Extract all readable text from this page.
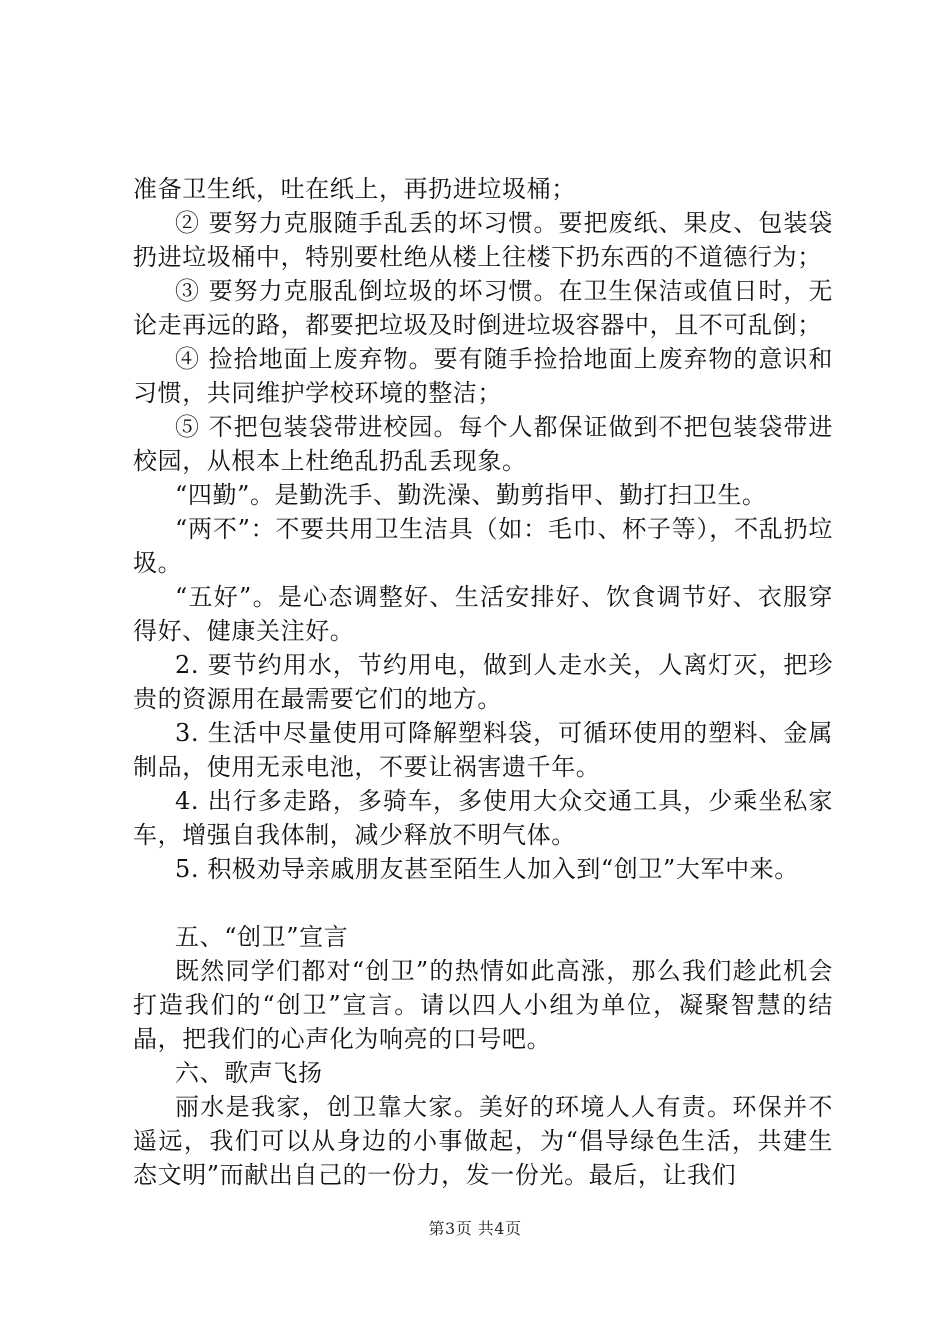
准备卫生纸，吐在纸上，再扔进垃圾桶；

② 要努力克服随手乱丢的坏习惯。要把废纸、果皮、包装袋扔进垃圾桶中，特别要杜绝从楼上往楼下扔东西的不道德行为；

③ 要努力克服乱倒垃圾的坏习惯。在卫生保洁或值日时，无论走再远的路，都要把垃圾及时倒进垃圾容器中，且不可乱倒；

④ 捡拾地面上废弃物。要有随手捡拾地面上废弃物的意识和习惯，共同维护学校环境的整洁；

⑤ 不把包装袋带进校园。每个人都保证做到不把包装袋带进校园，从根本上杜绝乱扔乱丢现象。

“四勤”。是勤洗手、勤洗澡、勤剪指甲、勤打扫卫生。

“两不”：不要共用卫生洁具（如：毛巾、杯子等），不乱扔垃圾。

“五好”。是心态调整好、生活安排好、饮食调节好、衣服穿得好、健康关注好。

2. 要节约用水，节约用电，做到人走水关，人离灯灭，把珍贵的资源用在最需要它们的地方。

3. 生活中尽量使用可降解塑料袋，可循环使用的塑料、金属制品，使用无汞电池，不要让祸害遗千年。

4. 出行多走路，多骑车，多使用大众交通工具，少乘坐私家车，增强自我体制，减少释放不明气体。

5. 积极劝导亲戚朋友甚至陌生人加入到“创卫”大军中来。

五、“创卫”宣言

既然同学们都对“创卫”的热情如此高涨，那么我们趁此机会打造我们的“创卫”宣言。请以四人小组为单位，凝聚智慧的结晶，把我们的心声化为响亮的口号吧。

六、歌声飞扬

丽水是我家，创卫靠大家。美好的环境人人有责。环保并不遥远，我们可以从身边的小事做起，为“倡导绿色生活，共建生态文明”而献出自己的一份力，发一份光。最后，让我们

第3页 共4页
